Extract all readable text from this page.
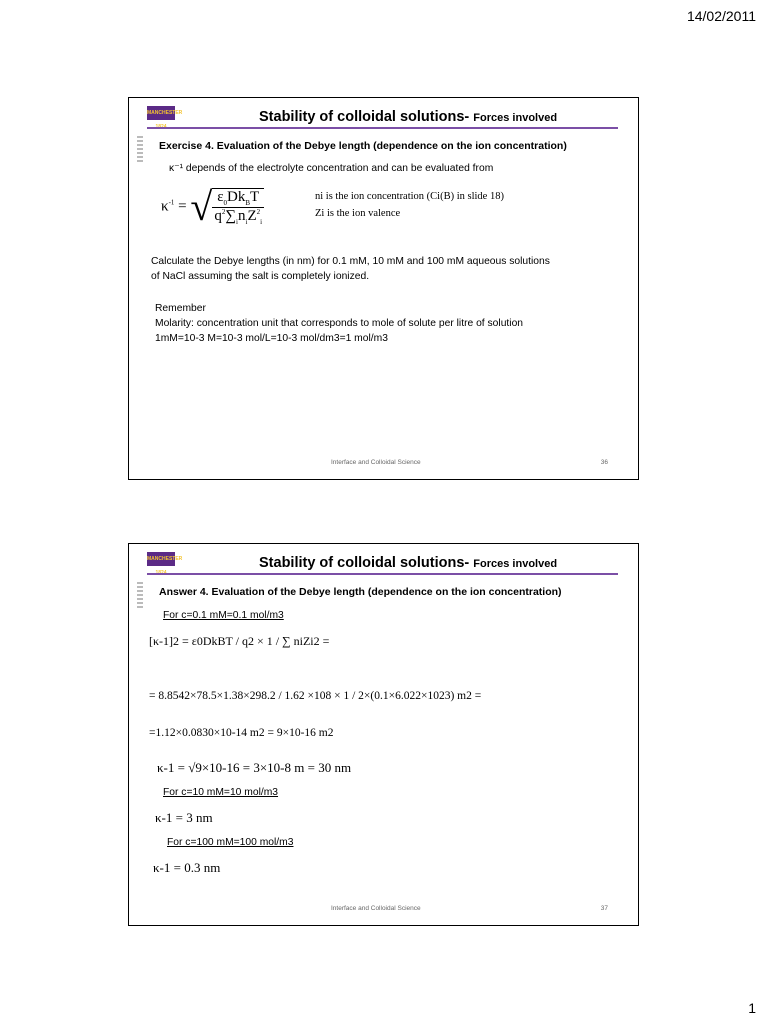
14/02/2011
MANCHESTER	Stability of colloidal solutions- Forces involved
Exercise 4. Evaluation of the Debye length (dependence on the ion concentration)
κ⁻¹ depends of the electrolyte concentration and can be evaluated from
$\kappa^{-1}$ = √ $\frac{\varepsilon_0Dk_BT}{q^2\sum_in_iZ^2_i}$	ni is the ion concentration (Ci(B) in slide 18)
Zi is the ion valence
Calculate the Debye lengths (in nm) for 0.1 mM, 10 mM and 100 mM aqueous solutions
of NaCl assuming the salt is completely ionized.
Remember
Molarity: concentration unit that corresponds to mole of solute per litre of solution
1mM=10-3 M=10-3 mol/L=10-3 mol/dm3=1 mol/m3
Interface and Colloidal Science	36
MANCHESTER	Stability of colloidal solutions- Forces involved
Answer 4. Evaluation of the Debye length (dependence on the ion concentration)
For c=0.1 mM=0.1 mol/m3
[κ-1]2 = ε0DkBT / q2 × 1 / ∑ niZi2 =
= 8.8542×78.5×1.38×298.2 / 1.62 ×108 × 1 / 2×(0.1×6.022×1023) m2 =
=1.12×0.0830×10-14 m2 = 9×10-16 m2
κ-1 = √9×10-16 = 3×10-8 m = 30 nm
For c=10 mM=10 mol/m3
κ-1 = 3 nm
For c=100 mM=100 mol/m3
κ-1 = 0.3 nm
Interface and Colloidal Science	37
1
